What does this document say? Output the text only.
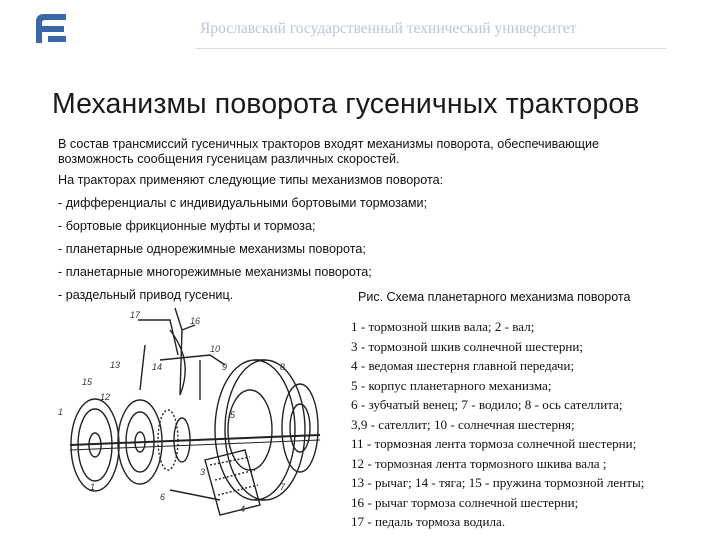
Ярославский государственный технический университет
Механизмы поворота гусеничных тракторов

В состав трансмиссий гусеничных тракторов входят механизмы поворота, обеспечивающие возможность сообщения гусеницам различных скоростей.

На тракторах применяют следующие типы механизмов поворота:

- дифференциалы с индивидуальными бортовыми тормозами;

- бортовые фрикционные муфты и тормоза;

- планетарные однорежимные механизмы поворота;

- планетарные многорежимные механизмы поворота;

- раздельный привод гусениц.

17
16
13
15
12
14
10
9
1
1
6
5
8
7
3
4
Рис. Схема планетарного механизма поворота
1 - тормозной шкив вала; 2 - вал;
3 - тормозной шкив солнечной шестерни;
4 - ведомая шестерня главной передачи;
5 - корпус планетарного механизма;
6 - зубчатый венец; 7 - водило; 8 - ось сателлита;
3,9 - сателлит; 10 - солнечная шестерня;
11 - тормозная лента тормоза солнечной шестерни;
12 - тормозная лента тормозного шкива вала ;
13 - рычаг; 14 - тяга; 15 - пружина тормозной ленты;
16 - рычаг тормоза солнечной шестерни;
17 - педаль тормоза водила.
